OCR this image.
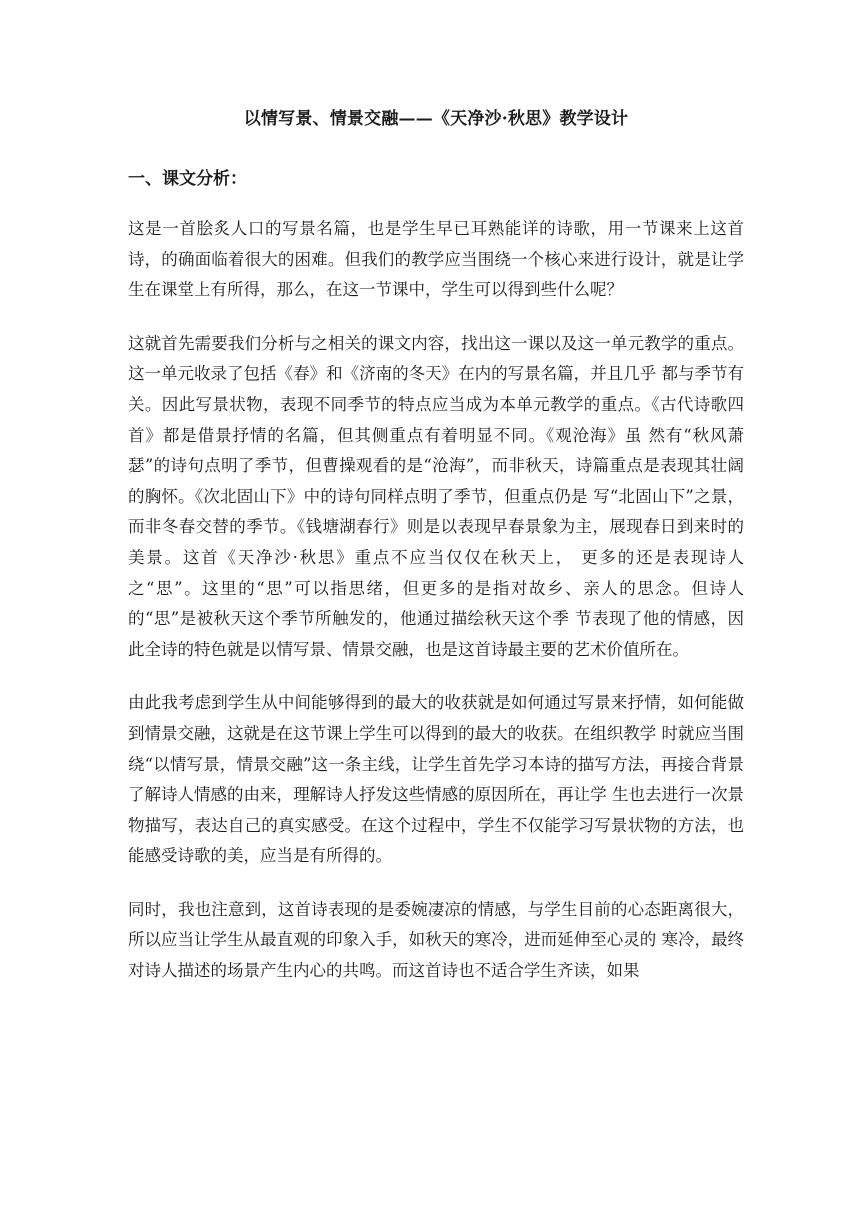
以情写景、情景交融——《天净沙·秋思》教学设计
一、课文分析：

这是一首脍炙人口的写景名篇，也是学生早已耳熟能详的诗歌，用一节课来上这首诗，的确面临着很大的困难。但我们的教学应当围绕一个核心来进行设计，就是让学生在课堂上有所得，那么，在这一节课中，学生可以得到些什么呢？

这就首先需要我们分析与之相关的课文内容，找出这一课以及这一单元教学的重点。这一单元收录了包括《春》和《济南的冬天》在内的写景名篇，并且几乎 都与季节有关。因此写景状物，表现不同季节的特点应当成为本单元教学的重点。《古代诗歌四首》都是借景抒情的名篇，但其侧重点有着明显不同。《观沧海》虽 然有“秋风萧瑟”的诗句点明了季节，但曹操观看的是“沧海”，而非秋天，诗篇重点是表现其壮阔的胸怀。《次北固山下》中的诗句同样点明了季节，但重点仍是 写“北固山下”之景，而非冬春交替的季节。《钱塘湖春行》则是以表现早春景象为主，展现春日到来时的美景。这首《天净沙·秋思》重点不应当仅仅在秋天上， 更多的还是表现诗人之“思”。这里的“思”可以指思绪，但更多的是指对故乡、亲人的思念。但诗人的“思”是被秋天这个季节所触发的，他通过描绘秋天这个季 节表现了他的情感，因此全诗的特色就是以情写景、情景交融，也是这首诗最主要的艺术价值所在。

由此我考虑到学生从中间能够得到的最大的收获就是如何通过写景来抒情，如何能做到情景交融，这就是在这节课上学生可以得到的最大的收获。在组织教学 时就应当围绕“以情写景，情景交融”这一条主线，让学生首先学习本诗的描写方法，再接合背景了解诗人情感的由来，理解诗人抒发这些情感的原因所在，再让学 生也去进行一次景物描写，表达自己的真实感受。在这个过程中，学生不仅能学习写景状物的方法，也能感受诗歌的美，应当是有所得的。

同时，我也注意到，这首诗表现的是委婉凄凉的情感，与学生目前的心态距离很大，所以应当让学生从最直观的印象入手，如秋天的寒冷，进而延伸至心灵的 寒冷，最终对诗人描述的场景产生内心的共鸣。而这首诗也不适合学生齐读，如果
